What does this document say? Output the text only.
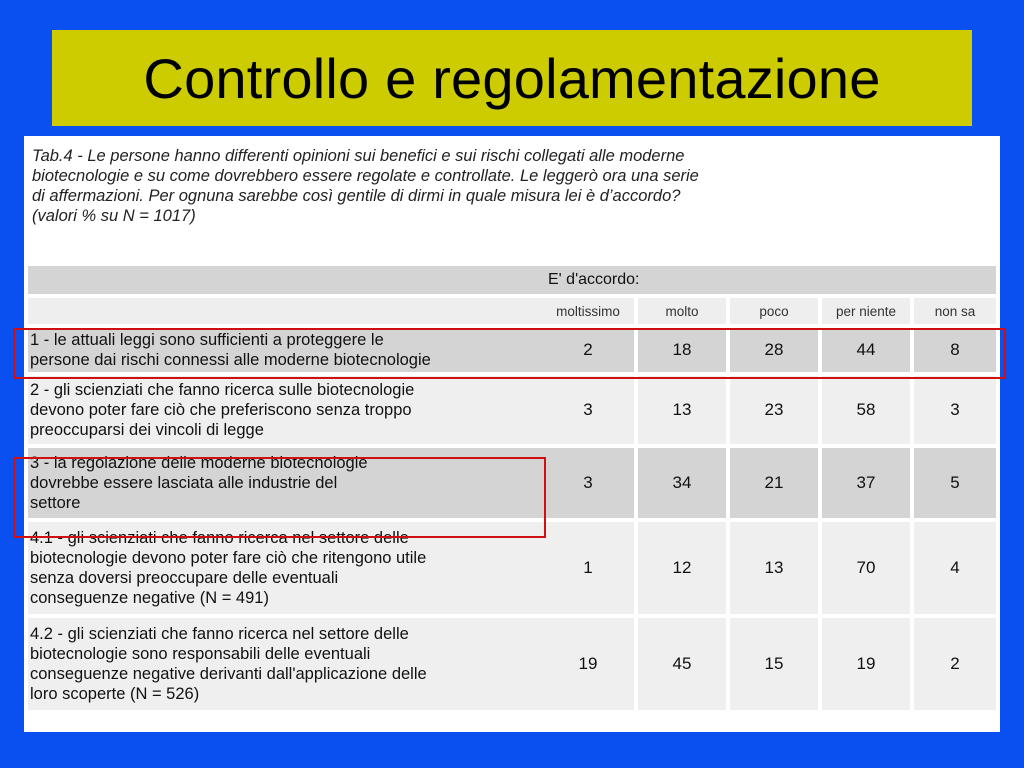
Controllo e regolamentazione
Tab.4 - Le persone hanno differenti opinioni sui benefici e sui rischi collegati alle moderne
biotecnologie e su come dovrebbero essere regolate e controllate. Le leggerò ora una serie
di affermazioni. Per ognuna sarebbe così gentile di dirmi in quale misura lei è d’accordo?
(valori % su N = 1017)
	E' d'accordo:				
	moltissimo	molto	poco	per niente	non sa

1 - le attuali leggi sono sufficienti a proteggere le
persone dai rischi connessi alle moderne biotecnologie	2	18	28	44	8

2 - gli scienziati che fanno ricerca sulle biotecnologie
devono poter fare ciò che preferiscono senza troppo
preoccuparsi dei vincoli di legge	3	13	23	58	3

3 - la regolazione delle moderne biotecnologie
dovrebbe essere lasciata alle industrie del
settore	3	34	21	37	5

4.1 - gli scienziati che fanno ricerca nel settore delle
biotecnologie devono poter fare ciò che ritengono utile
senza doversi preoccupare delle eventuali
conseguenze negative (N = 491)	1	12	13	70	4

4.2 - gli scienziati che fanno ricerca nel settore delle
biotecnologie sono responsabili delle eventuali
conseguenze negative derivanti dall'applicazione delle
loro scoperte (N = 526)	19	45	15	19	2
